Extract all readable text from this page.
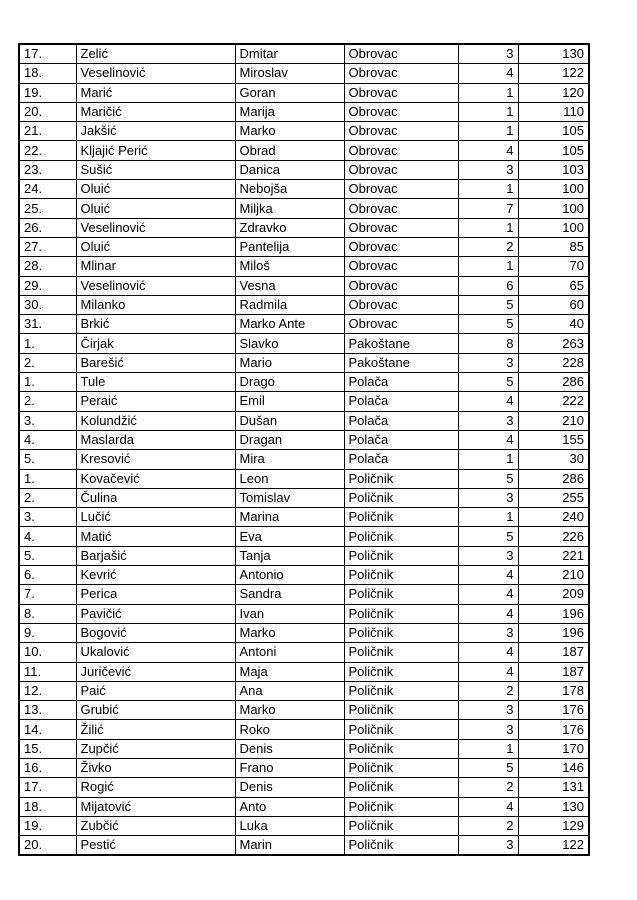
17.	Zelić	Dmitar	Obrovac	3	130
18.	Veselinović	Miroslav	Obrovac	4	122
19.	Marić	Goran	Obrovac	1	120
20.	Maričić	Marija	Obrovac	1	110
21.	Jakšić	Marko	Obrovac	1	105
22.	Kljajić Perić	Obrad	Obrovac	4	105
23.	Sušić	Danica	Obrovac	3	103
24.	Oluić	Nebojša	Obrovac	1	100
25.	Oluić	Miljka	Obrovac	7	100
26.	Veselinović	Zdravko	Obrovac	1	100
27.	Oluić	Pantelija	Obrovac	2	85
28.	Mlinar	Miloš	Obrovac	1	70
29.	Veselinović	Vesna	Obrovac	6	65
30.	Milanko	Radmila	Obrovac	5	60
31.	Brkić	Marko Ante	Obrovac	5	40
1.	Čirjak	Slavko	Pakoštane	8	263
2.	Barešić	Mario	Pakoštane	3	228
1.	Tule	Drago	Polača	5	286
2.	Peraić	Emil	Polača	4	222
3.	Kolundžić	Dušan	Polača	3	210
4.	Maslarda	Dragan	Polača	4	155
5.	Kresović	Mira	Polača	1	30
1.	Kovačević	Leon	Poličnik	5	286
2.	Čulina	Tomislav	Poličnik	3	255
3.	Lučić	Marina	Poličnik	1	240
4.	Matić	Eva	Poličnik	5	226
5.	Barjašić	Tanja	Poličnik	3	221
6.	Kevrić	Antonio	Poličnik	4	210
7.	Perica	Sandra	Poličnik	4	209
8.	Pavičić	Ivan	Poličnik	4	196
9.	Bogović	Marko	Poličnik	3	196
10.	Ukalović	Antoni	Poličnik	4	187
11.	Juričević	Maja	Poličnik	4	187
12.	Paić	Ana	Poličnik	2	178
13.	Grubić	Marko	Poličnik	3	176
14.	Žilić	Roko	Poličnik	3	176
15.	Zupčić	Denis	Poličnik	1	170
16.	Živko	Frano	Poličnik	5	146
17.	Rogić	Denis	Poličnik	2	131
18.	Mijatović	Anto	Poličnik	4	130
19.	Zubčić	Luka	Poličnik	2	129
20.	Pestić	Marin	Poličnik	3	122
